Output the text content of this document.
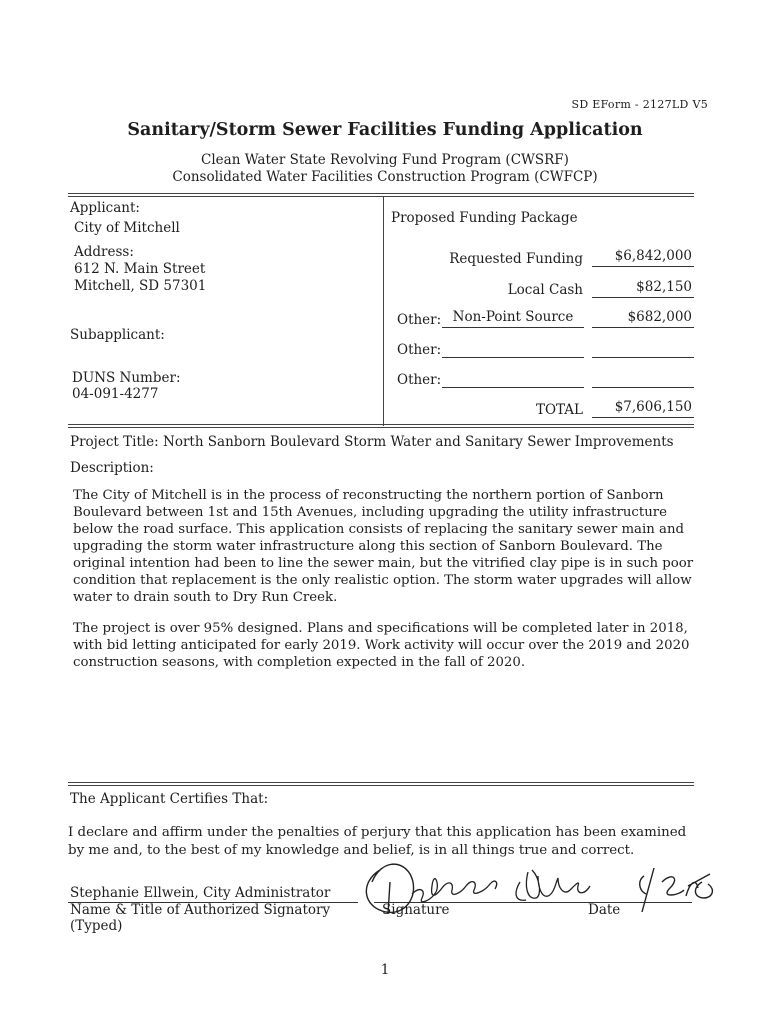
SD EForm - 2127LD V5
Sanitary/Storm Sewer Facilities Funding Application
Clean Water State Revolving Fund Program (CWSRF)
Consolidated Water Facilities Construction Program (CWFCP)
Applicant:
City of Mitchell
Address:
612 N. Main Street
Mitchell, SD 57301
Subapplicant:
DUNS Number:
04-091-4277
Proposed Funding Package
Requested Funding	$6,842,000
Local Cash	$82,150
Other: Non-Point Source	$682,000
Other:
Other:
TOTAL	$7,606,150
Project Title: North Sanborn Boulevard Storm Water and Sanitary Sewer Improvements
Description:

The City of Mitchell is in the process of reconstructing the northern portion of Sanborn Boulevard between 1st and 15th Avenues, including upgrading the utility infrastructure below the road surface. This application consists of replacing the sanitary sewer main and upgrading the storm water infrastructure along this section of Sanborn Boulevard. The original intention had been to line the sewer main, but the vitrified clay pipe is in such poor condition that replacement is the only realistic option. The storm water upgrades will allow water to drain south to Dry Run Creek.

The project is over 95% designed. Plans and specifications will be completed later in 2018, with bid letting anticipated for early 2019. Work activity will occur over the 2019 and 2020 construction seasons, with completion expected in the fall of 2020.

The Applicant Certifies That:
I declare and affirm under the penalties of perjury that this application has been examined by me and, to the best of my knowledge and belief, is in all things true and correct.
Stephanie Ellwein, City Administrator
Name & Title of Authorized Signatory
(Typed)
Signature	Date
1
